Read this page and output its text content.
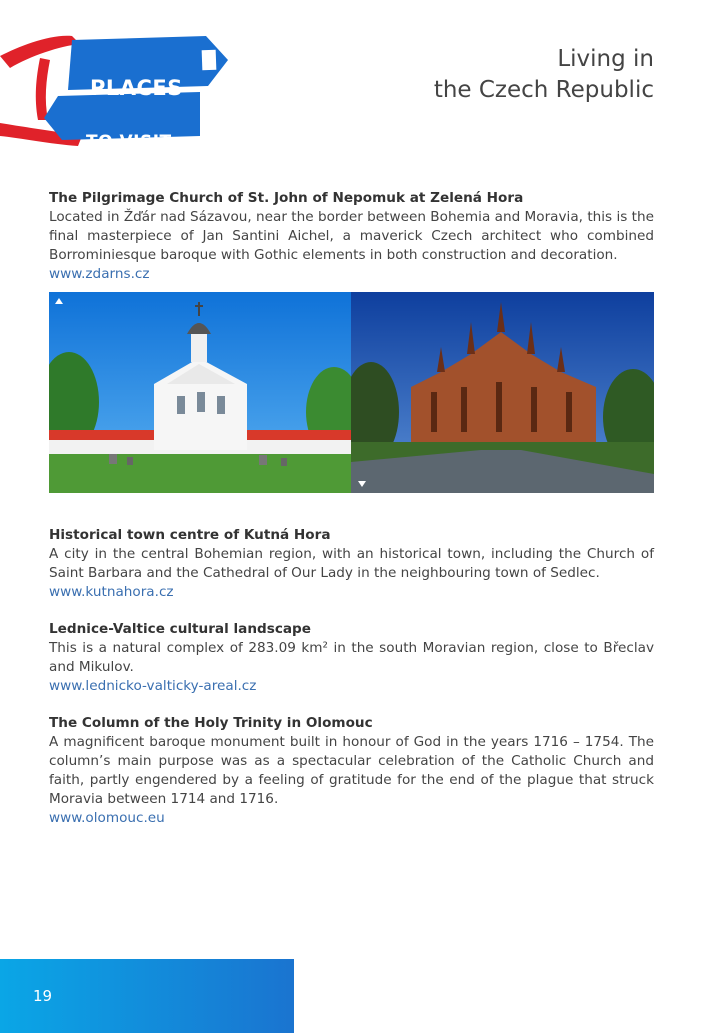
PLACES
TO VISIT
Living in
the Czech Republic
The Pilgrimage Church of St. John of Nepomuk at Zelená Hora
Located in Žďár nad Sázavou, near the border between Bohemia and Moravia, this is the final masterpiece of Jan Santini Aichel, a maverick Czech architect who combined Borrominiesque baroque with Gothic elements in both construction and decoration.
www.zdarns.cz
Historical town centre of Kutná Hora
A city in the central Bohemian region, with an historical town, including the Church of Saint Barbara and the Cathedral of Our Lady in the neighbouring town of Sedlec.
www.kutnahora.cz
Lednice-Valtice cultural landscape
This is a natural complex of 283.09 km² in the south Moravian region, close to Břeclav and Mikulov.
www.lednicko-valticky-areal.cz
The Column of the Holy Trinity in Olomouc
A magnificent baroque monument built in honour of God in the years 1716 – 1754. The column’s main purpose was as a spectacular celebration of the Catholic Church and faith, partly engendered by a feeling of gratitude for the end of the plague that struck Moravia between 1714 and 1716.
www.olomouc.eu
19
